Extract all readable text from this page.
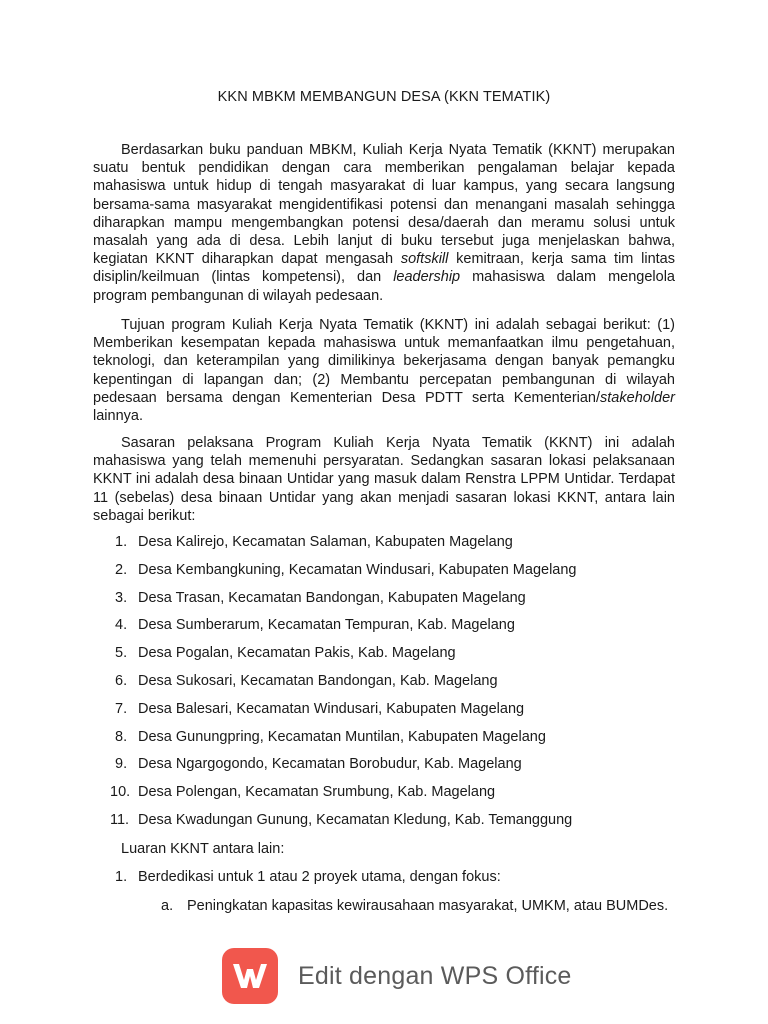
KKN MBKM MEMBANGUN DESA (KKN TEMATIK)

Berdasarkan buku panduan MBKM, Kuliah Kerja Nyata Tematik (KKNT) merupakan suatu bentuk pendidikan dengan cara memberikan pengalaman belajar kepada mahasiswa untuk hidup di tengah masyarakat di luar kampus, yang secara langsung bersama-sama masyarakat mengidentifikasi potensi dan menangani masalah sehingga diharapkan mampu mengembangkan potensi desa/daerah dan meramu solusi untuk masalah yang ada di desa. Lebih lanjut di buku tersebut juga menjelaskan bahwa, kegiatan KKNT diharapkan dapat mengasah softskill kemitraan, kerja sama tim lintas disiplin/keilmuan (lintas kompetensi), dan leadership mahasiswa dalam mengelola program pembangunan di wilayah pedesaan.

Tujuan program Kuliah Kerja Nyata Tematik (KKNT) ini adalah sebagai berikut: (1) Memberikan kesempatan kepada mahasiswa untuk memanfaatkan ilmu pengetahuan, teknologi, dan keterampilan yang dimilikinya bekerjasama dengan banyak pemangku kepentingan di lapangan dan; (2) Membantu percepatan pembangunan di wilayah pedesaan bersama dengan Kementerian Desa PDTT serta Kementerian/stakeholder lainnya.

Sasaran pelaksana Program Kuliah Kerja Nyata Tematik (KKNT) ini adalah mahasiswa yang telah memenuhi persyaratan. Sedangkan sasaran lokasi pelaksanaan KKNT ini adalah desa binaan Untidar yang masuk dalam Renstra LPPM Untidar. Terdapat 11 (sebelas) desa binaan Untidar yang akan menjadi sasaran lokasi KKNT, antara lain sebagai berikut:

1. Desa Kalirejo, Kecamatan Salaman, Kabupaten Magelang
2. Desa Kembangkuning, Kecamatan Windusari, Kabupaten Magelang
3. Desa Trasan, Kecamatan Bandongan, Kabupaten Magelang
4. Desa Sumberarum, Kecamatan Tempuran, Kab. Magelang
5. Desa Pogalan, Kecamatan Pakis, Kab. Magelang
6. Desa Sukosari, Kecamatan Bandongan, Kab. Magelang
7. Desa Balesari, Kecamatan Windusari, Kabupaten Magelang
8. Desa Gunungpring, Kecamatan Muntilan, Kabupaten Magelang
9. Desa Ngargogondo, Kecamatan Borobudur, Kab. Magelang
10. Desa Polengan, Kecamatan Srumbung, Kab. Magelang
11. Desa Kwadungan Gunung, Kecamatan Kledung, Kab. Temanggung
Luaran KKNT antara lain:
1. Berdedikasi untuk 1 atau 2 proyek utama, dengan fokus:
a. Peningkatan kapasitas kewirausahaan masyarakat, UMKM, atau BUMDes.
Edit dengan WPS Office
